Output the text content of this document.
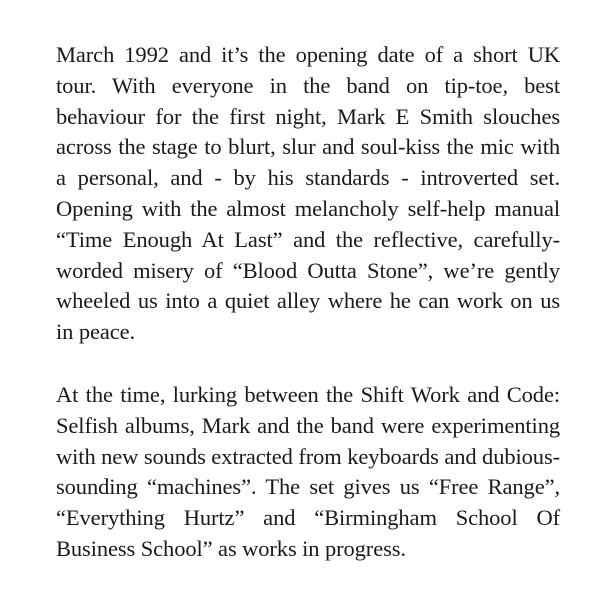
March 1992 and it’s the opening date of a short UK tour. With everyone in the band on tip-toe, best behaviour for the first night, Mark E Smith slouches across the stage to blurt, slur and soul-kiss the mic with a personal, and - by his standards - introverted set. Opening with the almost melancholy self-help manual “Time Enough At Last” and the reflective, carefully-worded misery of “Blood Outta Stone”, we’re gently wheeled us into a quiet alley where he can work on us in peace.

At the time, lurking between the Shift Work and Code: Selfish albums, Mark and the band were experimenting with new sounds extracted from keyboards and dubious-sounding “machines”. The set gives us “Free Range”, “Everything Hurtz” and “Birmingham School Of Business School” as works in progress.
